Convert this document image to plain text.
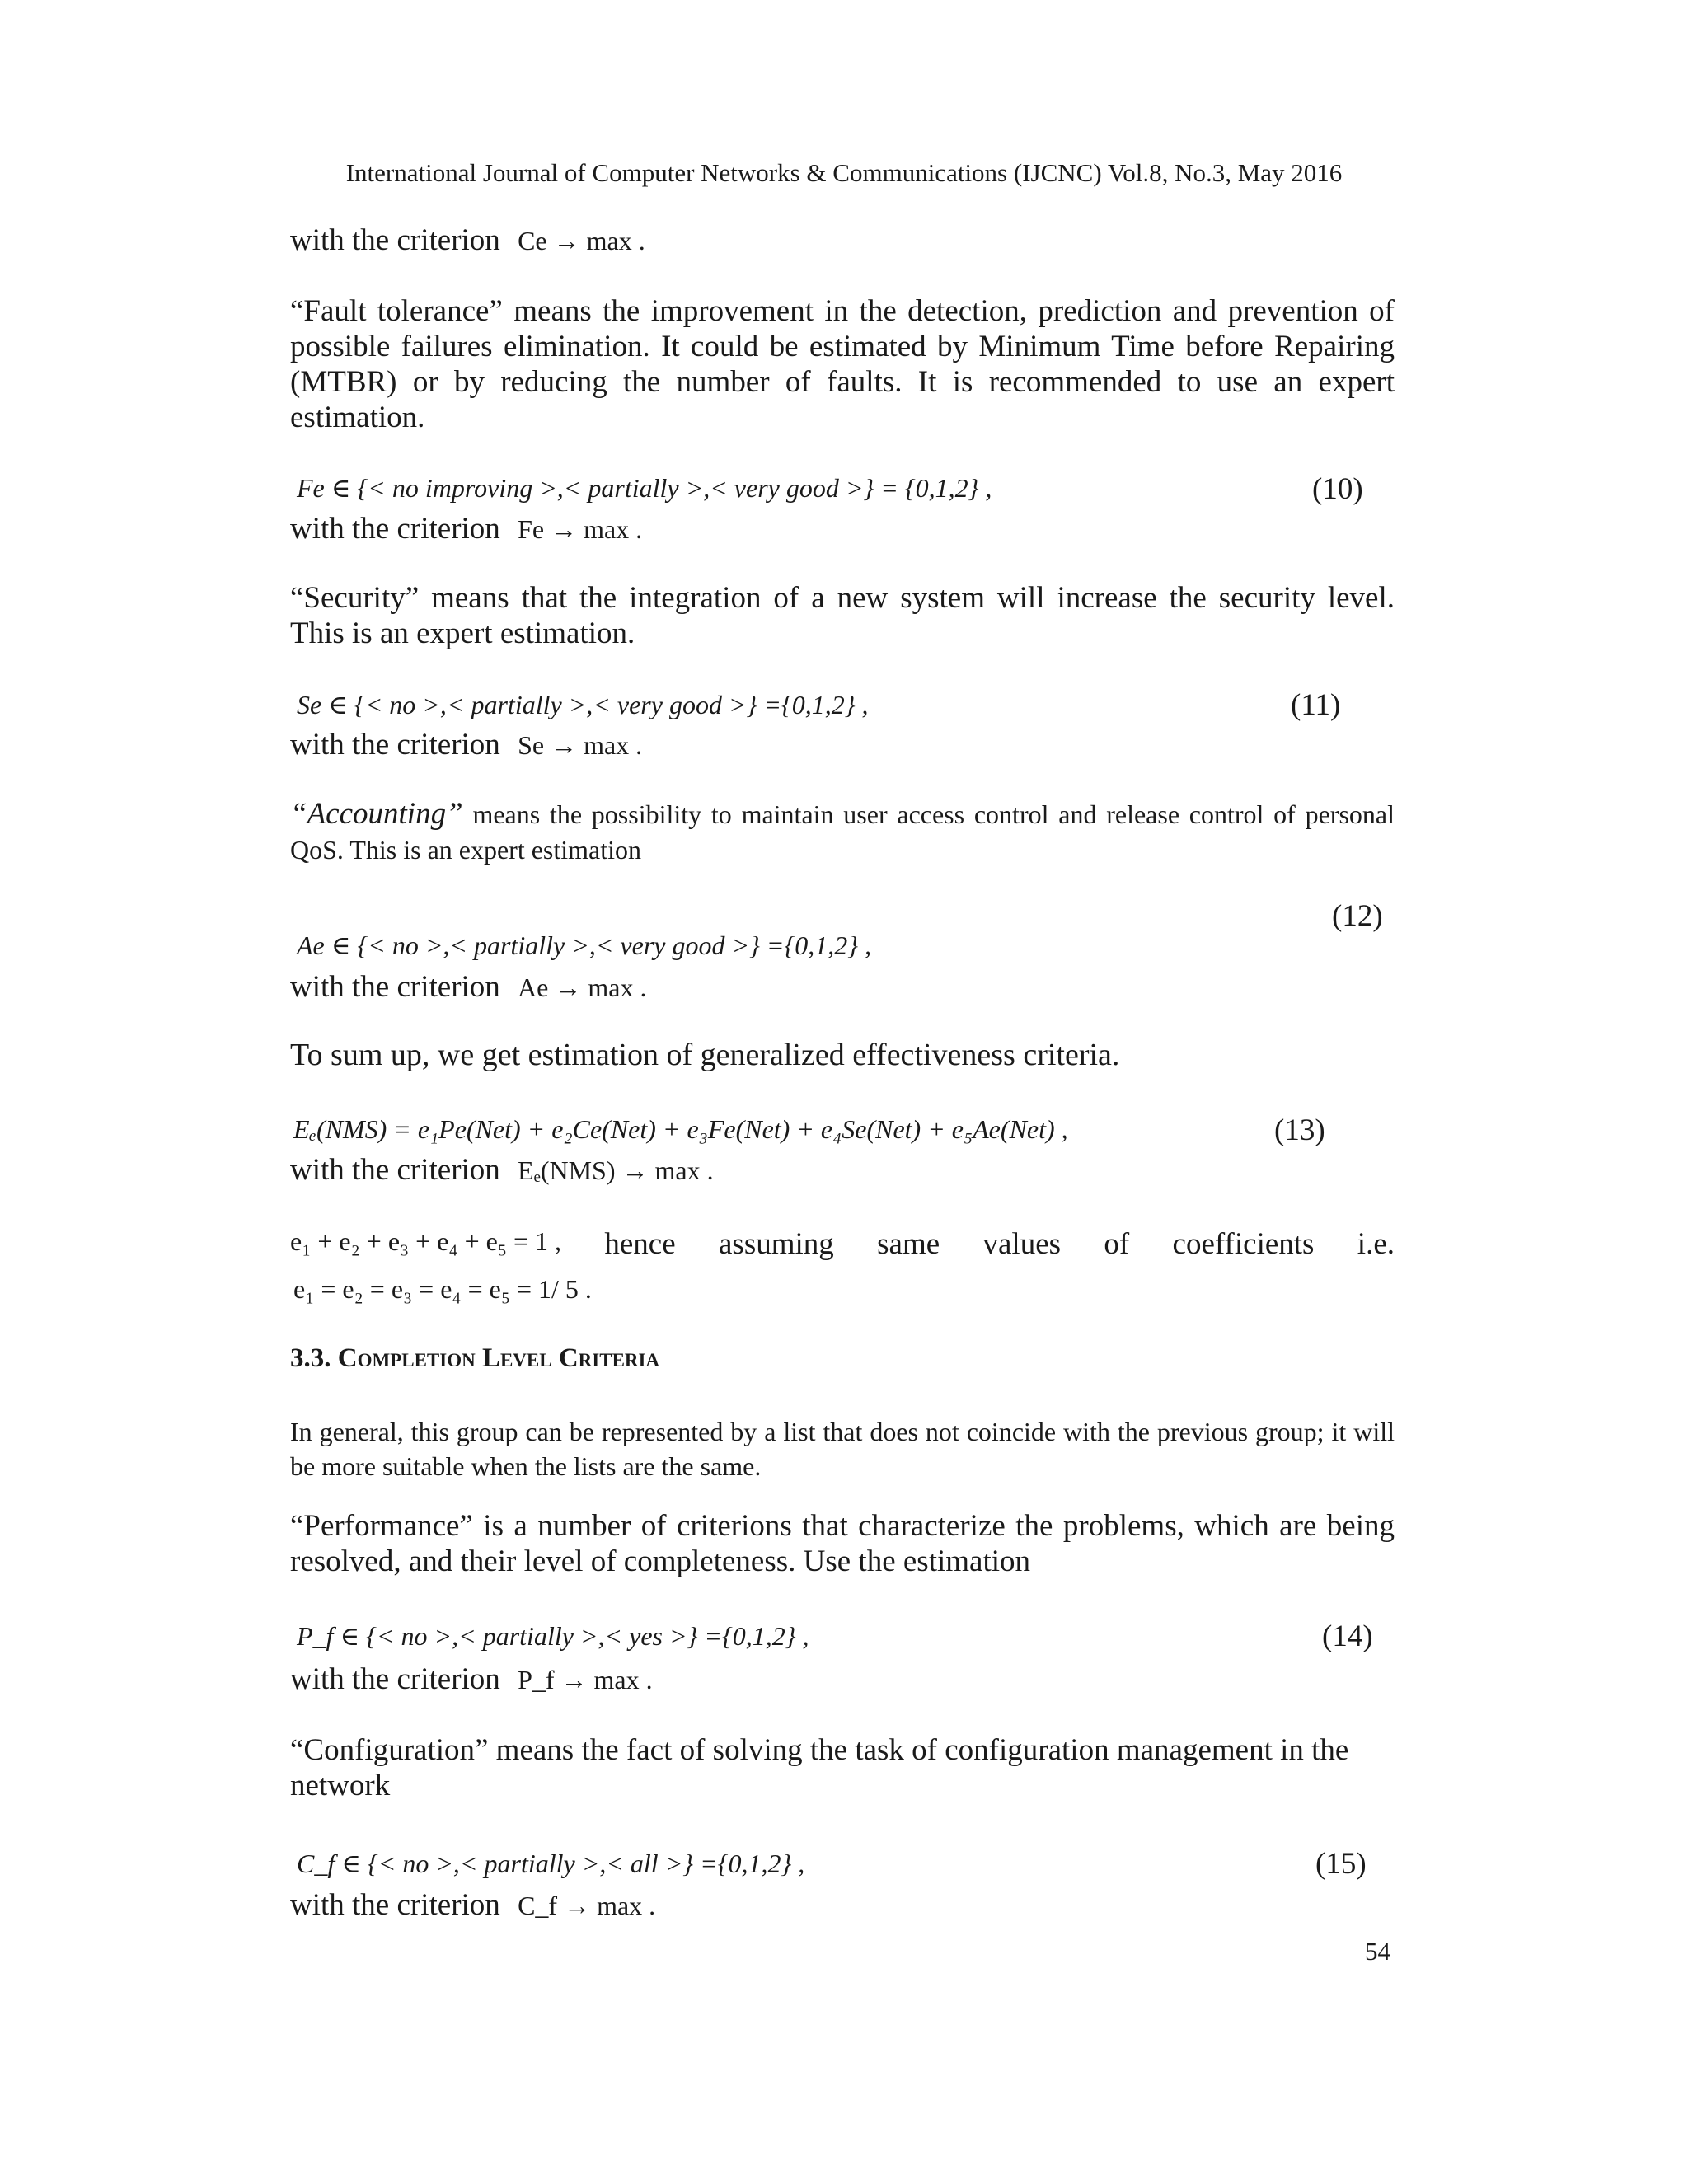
International Journal of Computer Networks & Communications (IJCNC) Vol.8, No.3, May 2016
with the criterion Ce → max .
“Fault tolerance” means the improvement in the detection, prediction and prevention of possible failures elimination. It could be estimated by Minimum Time before Repairing (MTBR) or by reducing the number of faults. It is recommended to use an expert estimation.
Fe ∈ {< no improving >,< partially >,< very good >} = {0,1,2} ,	(10)
with the criterion Fe → max .
“Security” means that the integration of a new system will increase the security level. This is an expert estimation.
Se ∈ {< no >,< partially >,< very good >} ={0,1,2} ,	(11)
with the criterion Se → max .
“Accounting” means the possibility to maintain user access control and release control of personal QoS. This is an expert estimation
(12)
Ae ∈ {< no >,< partially >,< very good >} ={0,1,2} ,
with the criterion Ae → max .
To sum up, we get estimation of generalized effectiveness criteria.
Eₑ(NMS) = e₁Pe(Net) + e₂Ce(Net) + e₃Fe(Net) + e₄Se(Net) + e₅Ae(Net) ,	(13)
with the criterion Eₑ(NMS) → max .
e₁ + e₂ + e₃ + e₄ + e₅ = 1 , hence assuming same values of coefficients i.e.
e₁ = e₂ = e₃ = e₄ = e₅ = 1/ 5 .
3.3. Completion Level Criteria
In general, this group can be represented by a list that does not coincide with the previous group; it will be more suitable when the lists are the same.
“Performance” is a number of criterions that characterize the problems, which are being resolved, and their level of completeness. Use the estimation
P_f ∈ {< no >,< partially >,< yes >} ={0,1,2} ,	(14)
with the criterion P_f → max .
“Configuration” means the fact of solving the task of configuration management in the network
C_f ∈ {< no >,< partially >,< all >} ={0,1,2} ,	(15)
with the criterion C_f → max .
54
